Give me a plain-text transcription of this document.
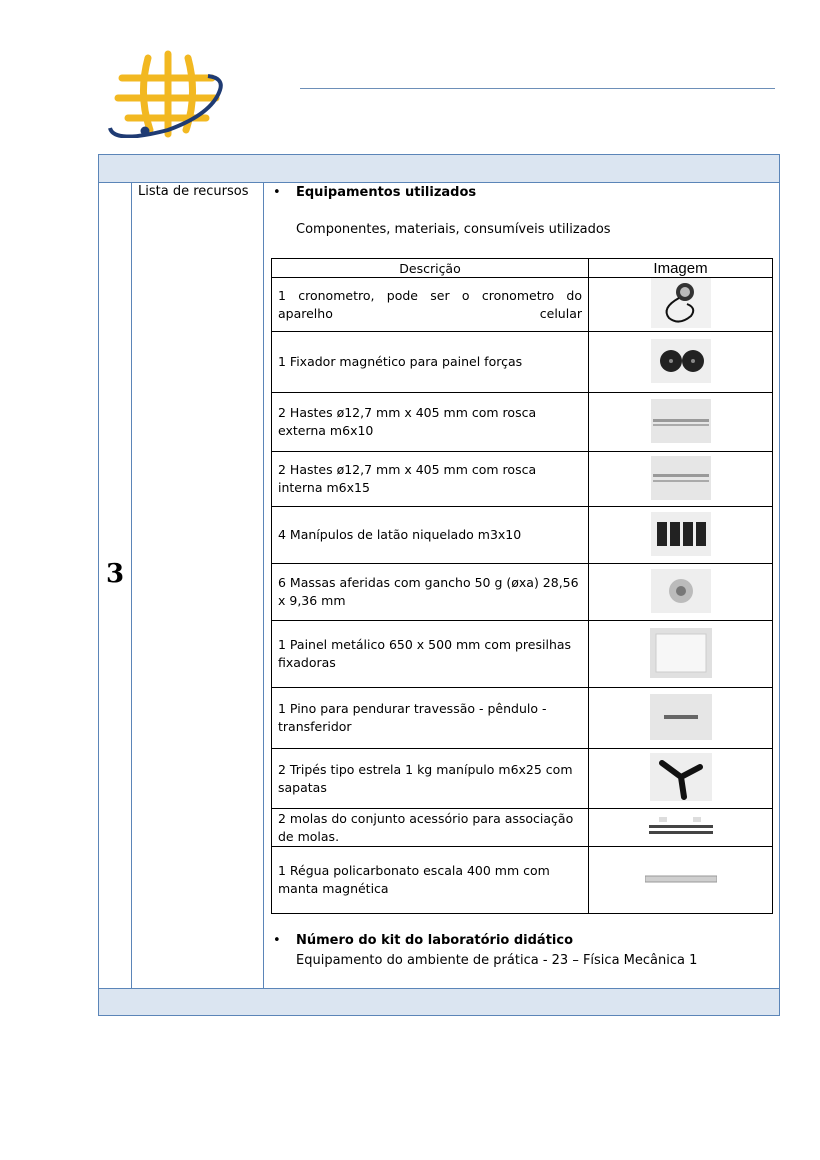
3
Lista de recursos • Equipamentos utilizados
Componentes, materiais, consumíveis utilizados
Descrição	Imagem
1 cronometro, pode ser o cronometro do aparelho celular	
1 Fixador magnético para painel forças	
2 Hastes ø12,7 mm x 405 mm com rosca externa m6x10	
2 Hastes ø12,7 mm x 405 mm com rosca interna m6x15	
4 Manípulos de latão niquelado m3x10	
6 Massas aferidas com gancho 50 g (øxa) 28,56 x 9,36 mm	
1 Painel metálico 650 x 500 mm com presilhas fixadoras	
1 Pino para pendurar travessão - pêndulo - transferidor	
2 Tripés tipo estrela 1 kg manípulo m6x25 com sapatas	
2 molas do conjunto acessório para associação de molas.	
1 Régua policarbonato escala 400 mm com manta magnética	
• Número do kit do laboratório didático
Equipamento do ambiente de prática - 23 – Física Mecânica 1
